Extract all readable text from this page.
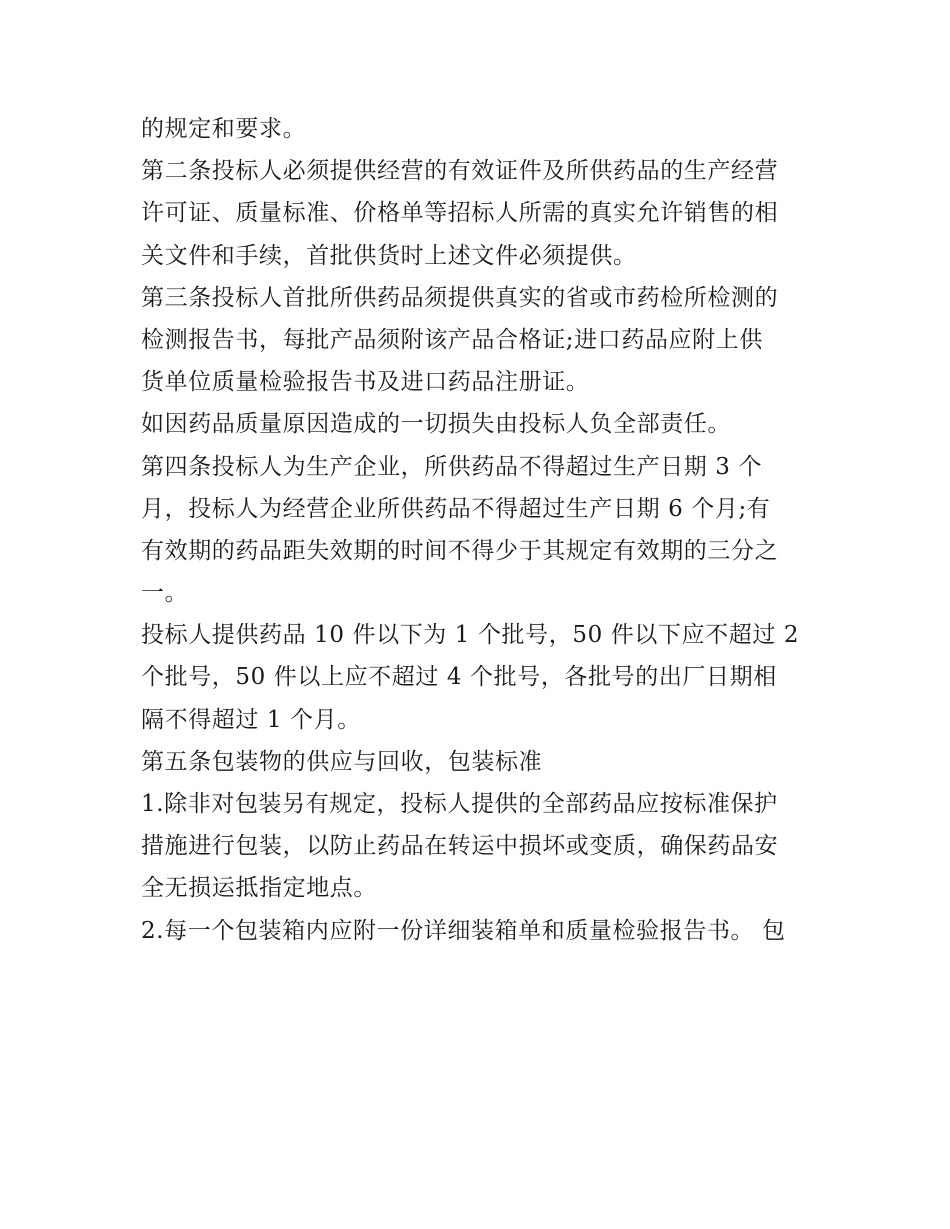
的规定和要求。
第二条投标人必须提供经营的有效证件及所供药品的生产经营
许可证、质量标准、价格单等招标人所需的真实允许销售的相
关文件和手续，首批供货时上述文件必须提供。
第三条投标人首批所供药品须提供真实的省或市药检所检测的
检测报告书，每批产品须附该产品合格证;进口药品应附上供
货单位质量检验报告书及进口药品注册证。
如因药品质量原因造成的一切损失由投标人负全部责任。
第四条投标人为生产企业，所供药品不得超过生产日期 3 个
月，投标人为经营企业所供药品不得超过生产日期 6 个月;有
有效期的药品距失效期的时间不得少于其规定有效期的三分之
一。
投标人提供药品 10 件以下为 1 个批号，50 件以下应不超过 2
个批号，50 件以上应不超过 4 个批号，各批号的出厂日期相
隔不得超过 1 个月。
第五条包装物的供应与回收，包装标准
1.除非对包装另有规定，投标人提供的全部药品应按标准保护
措施进行包装，以防止药品在转运中损坏或变质，确保药品安
全无损运抵指定地点。
2.每一个包装箱内应附一份详细装箱单和质量检验报告书。 包
